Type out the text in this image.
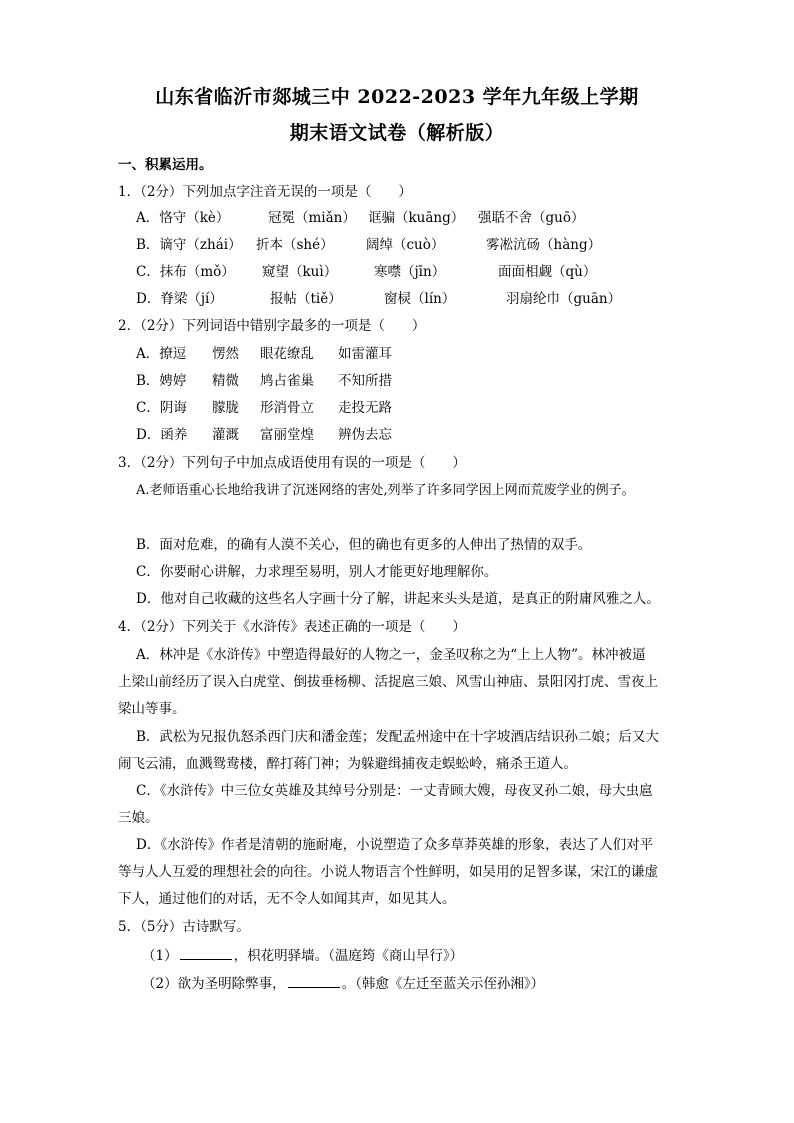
山东省临沂市郯城三中 2022-2023 学年九年级上学期
期末语文试卷（解析版）
一、积累运用。
1．（2分）下列加点字注音无误的一项是（　　）
A．恪守（kè）	冠冕（miǎn） 诓骗（kuāng） 强聒不舍（guō）
B．谪守（zhái） 折本（shé） 阔绰（cuò）	雾凇沆砀（hàng）
C．抹布（mǒ） 窥望（kuì）	寒噤（jīn）	面面相觑（qù）
D．脊梁（jí）	报帖（tiě）	窗棂（lín）	羽扇纶巾（guān）
2．（2分）下列词语中错别字最多的一项是（　　）
A．撩逗 愣然 眼花缭乱 如雷灌耳
B．娉婷 精微 鸠占雀巢 不知所措
C．阴诲 朦胧 形消骨立 走投无路
D．函养 灌溉 富丽堂煌 辨伪去忘
3．（2分）下列句子中加点成语使用有误的一项是（　　）
A.老师语重心长地给我讲了沉迷网络的害处,列举了许多同学因上网而荒废学业的例子。
B．面对危难，的确有人漠不关心，但的确也有更多的人伸出了热情的双手。
C．你要耐心讲解，力求理至易明，别人才能更好地理解你。
D．他对自己收藏的这些名人字画十分了解，讲起来头头是道，是真正的附庸风雅之人。
4．（2分）下列关于《水浒传》表述正确的一项是（　　）
A．林冲是《水浒传》中塑造得最好的人物之一，金圣叹称之为“上上人物”。林冲被逼
上梁山前经历了误入白虎堂、倒拔垂杨柳、活捉扈三娘、风雪山神庙、景阳冈打虎、雪夜上
梁山等事。
B．武松为兄报仇怒杀西门庆和潘金莲；发配孟州途中在十字坡酒店结识孙二娘；后又大
闹飞云浦，血溅鸳鸯楼，醉打蒋门神；为躲避缉捕夜走蜈蚣岭，痛杀王道人。
C．《水浒传》中三位女英雄及其绰号分别是：一丈青顾大嫂，母夜叉孙二娘，母大虫扈
三娘。
D．《水浒传》作者是清朝的施耐庵，小说塑造了众多草莽英雄的形象，表达了人们对平
等与人人互爱的理想社会的向往。小说人物语言个性鲜明，如吴用的足智多谋，宋江的谦虚
下人，通过他们的对话，无不令人如闻其声，如见其人。
5．（5分）古诗默写。
（1）	，枳花明驿墙。（温庭筠《商山早行》）
（2）欲为圣明除弊事，	。（韩愈《左迁至蓝关示侄孙湘》）
